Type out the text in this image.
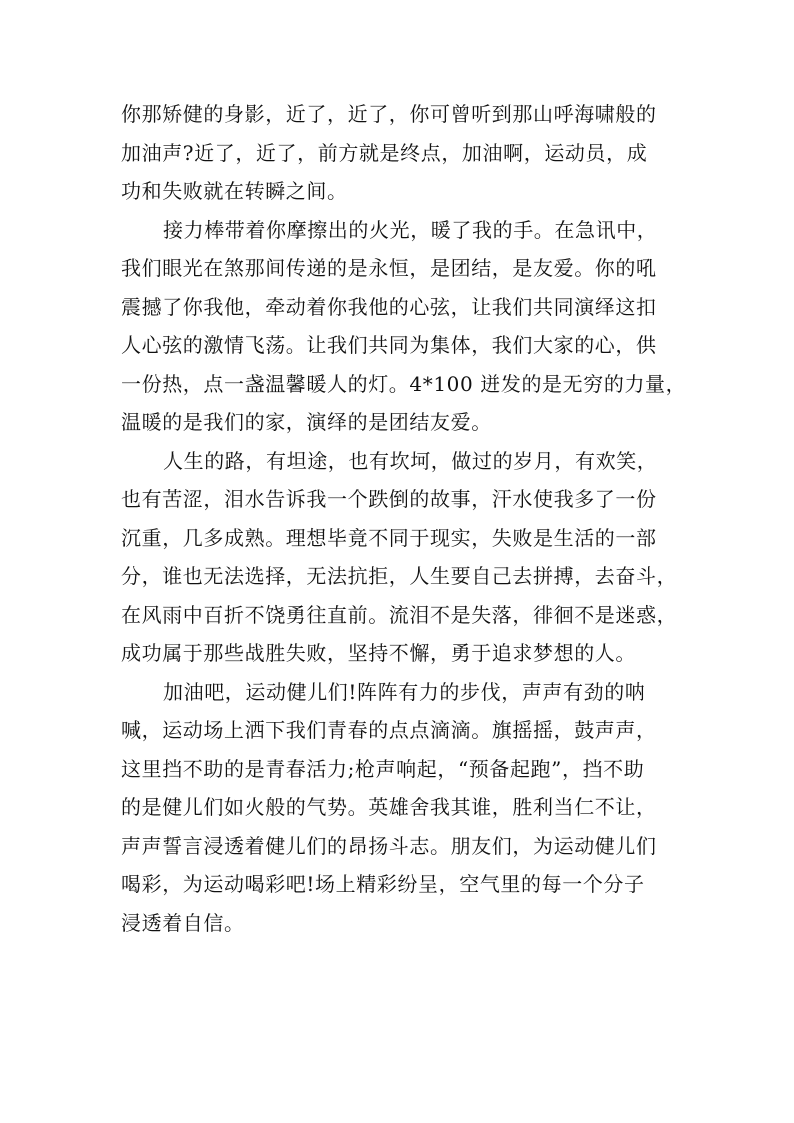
你那矫健的身影，近了，近了，你可曾听到那山呼海啸般的
加油声?近了，近了，前方就是终点，加油啊，运动员，成
功和失败就在转瞬之间。

接力棒带着你摩擦出的火光，暖了我的手。在急讯中，
我们眼光在煞那间传递的是永恒，是团结，是友爱。你的吼
震撼了你我他，牵动着你我他的心弦，让我们共同演绎这扣
人心弦的激情飞荡。让我们共同为集体，我们大家的心，供
一份热，点一盏温馨暖人的灯。4*100 迸发的是无穷的力量，
温暖的是我们的家，演绎的是团结友爱。

人生的路，有坦途，也有坎坷，做过的岁月，有欢笑，
也有苦涩，泪水告诉我一个跌倒的故事，汗水使我多了一份
沉重，几多成熟。理想毕竟不同于现实，失败是生活的一部
分，谁也无法选择，无法抗拒，人生要自己去拼搏，去奋斗，
在风雨中百折不饶勇往直前。流泪不是失落，徘徊不是迷惑，
成功属于那些战胜失败，坚持不懈，勇于追求梦想的人。

加油吧，运动健儿们!阵阵有力的步伐，声声有劲的呐
喊，运动场上洒下我们青春的点点滴滴。旗摇摇，鼓声声，
这里挡不助的是青春活力;枪声响起，“预备起跑”，挡不助
的是健儿们如火般的气势。英雄舍我其谁，胜利当仁不让，
声声誓言浸透着健儿们的昂扬斗志。朋友们，为运动健儿们
喝彩，为运动喝彩吧!场上精彩纷呈，空气里的每一个分子
浸透着自信。
